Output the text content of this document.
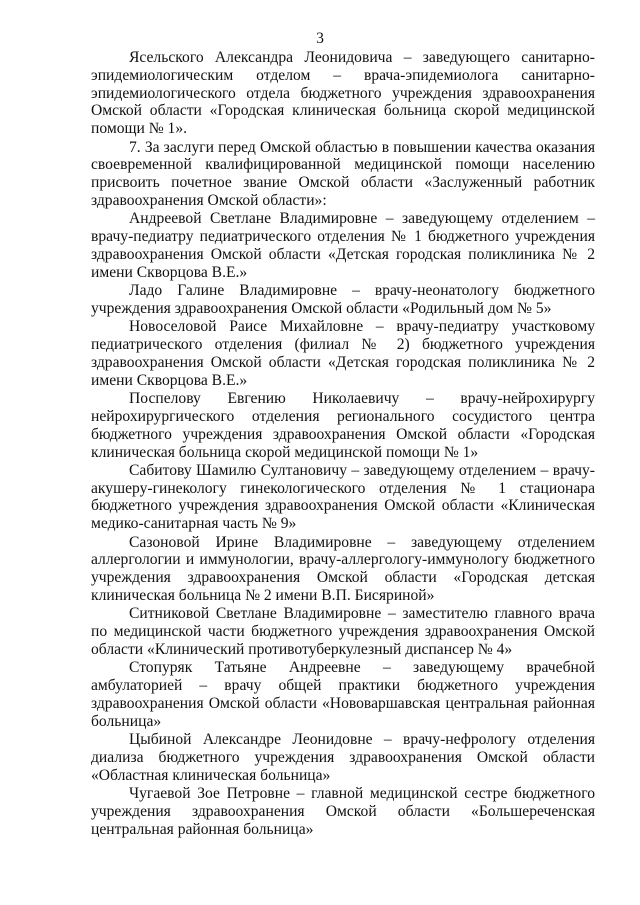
3

Ясельского Александра Леонидовича – заведующего санитарно-эпидемиологическим отделом – врача-эпидемиолога санитарно-эпидемиологического отдела бюджетного учреждения здравоохранения Омской области «Городская клиническая больница скорой медицинской помощи № 1».

7. За заслуги перед Омской областью в повышении качества оказания своевременной квалифицированной медицинской помощи населению присвоить почетное звание Омской области «Заслуженный работник здравоохранения Омской области»:

Андреевой Светлане Владимировне – заведующему отделением – врачу-педиатру педиатрического отделения № 1 бюджетного учреждения здравоохранения Омской области «Детская городская поликлиника № 2 имени Скворцова В.Е.»

Ладо Галине Владимировне – врачу-неонатологу бюджетного учреждения здравоохранения Омской области «Родильный дом № 5»

Новоселовой Раисе Михайловне – врачу-педиатру участковому педиатрического отделения (филиал № 2) бюджетного учреждения здравоохранения Омской области «Детская городская поликлиника № 2 имени Скворцова В.Е.»

Поспелову Евгению Николаевичу – врачу-нейрохирургу нейрохирургического отделения регионального сосудистого центра бюджетного учреждения здравоохранения Омской области «Городская клиническая больница скорой медицинской помощи № 1»

Сабитову Шамилю Султановичу – заведующему отделением – врачу-акушеру-гинекологу гинекологического отделения № 1 стационара бюджетного учреждения здравоохранения Омской области «Клиническая медико-санитарная часть № 9»

Сазоновой Ирине Владимировне – заведующему отделением аллергологии и иммунологии, врачу-аллергологу-иммунологу бюджетного учреждения здравоохранения Омской области «Городская детская клиническая больница № 2 имени В.П. Бисяриной»

Ситниковой Светлане Владимировне – заместителю главного врача по медицинской части бюджетного учреждения здравоохранения Омской области «Клинический противотуберкулезный диспансер № 4»

Стопуряк Татьяне Андреевне – заведующему врачебной амбулаторией – врачу общей практики бюджетного учреждения здравоохранения Омской области «Нововаршавская центральная районная больница»

Цыбиной Александре Леонидовне – врачу-нефрологу отделения диализа бюджетного учреждения здравоохранения Омской области «Областная клиническая больница»

Чугаевой Зое Петровне – главной медицинской сестре бюджетного учреждения здравоохранения Омской области «Большереченская центральная районная больница»
